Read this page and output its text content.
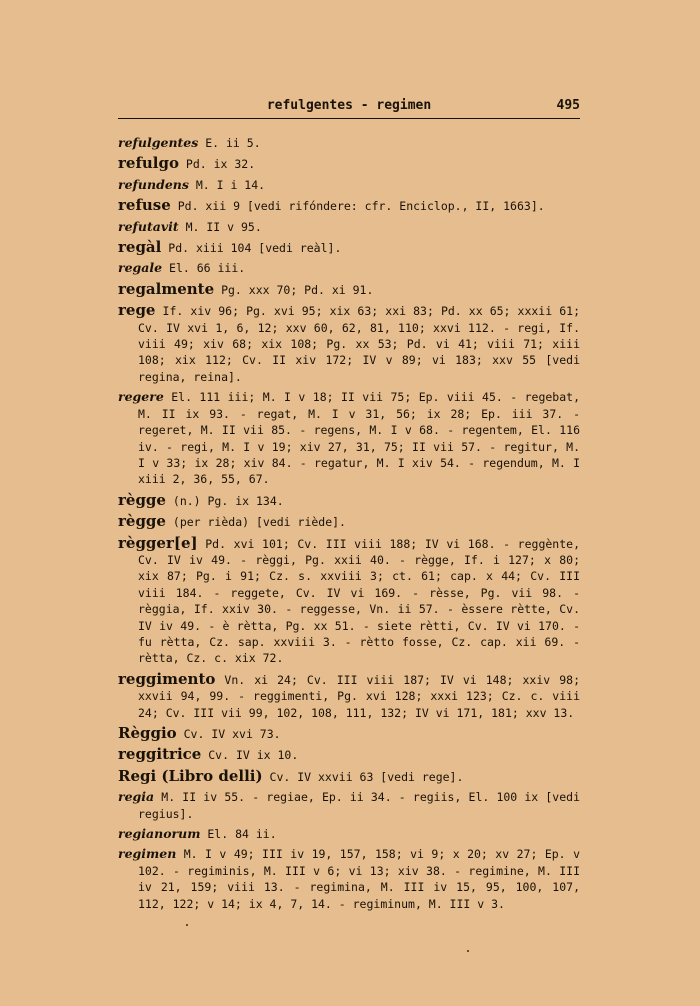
refulgentes - regimen	495

refulgentes E. ii 5.

refulgo Pd. ix 32.

refundens M. I i 14.

refuse Pd. xii 9 [vedi rifóndere: cfr. Enciclop., II, 1663].

refutavit M. II v 95.

regàl Pd. xiii 104 [vedi reàl].

regale El. 66 iii.

regalmente Pg. xxx 70; Pd. xi 91.

rege If. xiv 96; Pg. xvi 95; xix 63; xxi 83; Pd. xx 65; xxxii 61; Cv. IV xvi 1, 6, 12; xxv 60, 62, 81, 110; xxvi 112. - regi, If. viii 49; xiv 68; xix 108; Pg. xx 53; Pd. vi 41; viii 71; xiii 108; xix 112; Cv. II xiv 172; IV v 89; vi 183; xxv 55 [vedi regina, reina].

regere El. 111 iii; M. I v 18; II vii 75; Ep. viii 45. - regebat, M. II ix 93. - regat, M. I v 31, 56; ix 28; Ep. iii 37. - regeret, M. II vii 85. - regens, M. I v 68. - regentem, El. 116 iv. - regi, M. I v 19; xiv 27, 31, 75; II vii 57. - regitur, M. I v 33; ix 28; xiv 84. - regatur, M. I xiv 54. - regendum, M. I xiii 2, 36, 55, 67.

règge (n.) Pg. ix 134.

règge (per rièda) [vedi riède].

règger[e] Pd. xvi 101; Cv. III viii 188; IV vi 168. - reggènte, Cv. IV iv 49. - règgi, Pg. xxii 40. - règge, If. i 127; x 80; xix 87; Pg. i 91; Cz. s. xxviii 3; ct. 61; cap. x 44; Cv. III viii 184. - reggete, Cv. IV vi 169. - rèsse, Pg. vii 98. - règgia, If. xxiv 30. - reggesse, Vn. ii 57. - èssere rètte, Cv. IV iv 49. - è rètta, Pg. xx 51. - siete rètti, Cv. IV vi 170. - fu rètta, Cz. sap. xxviii 3. - rètto fosse, Cz. cap. xii 69. - rètta, Cz. c. xix 72.

reggimento Vn. xi 24; Cv. III viii 187; IV vi 148; xxiv 98; xxvii 94, 99. - reggimenti, Pg. xvi 128; xxxi 123; Cz. c. viii 24; Cv. III vii 99, 102, 108, 111, 132; IV vi 171, 181; xxv 13.

Règgio Cv. IV xvi 73.

reggitrice Cv. IV ix 10.

Regi (Libro delli) Cv. IV xxvii 63 [vedi rege].

regia M. II iv 55. - regiae, Ep. ii 34. - regiis, El. 100 ix [vedi regius].

regianorum El. 84 ii.

regimen M. I v 49; III iv 19, 157, 158; vi 9; x 20; xv 27; Ep. v 102. - regiminis, M. III v 6; vi 13; xiv 38. - regimine, M. III iv 21, 159; viii 13. - regimina, M. III iv 15, 95, 100, 107, 112, 122; v 14; ix 4, 7, 14. - regiminum, M. III v 3.
